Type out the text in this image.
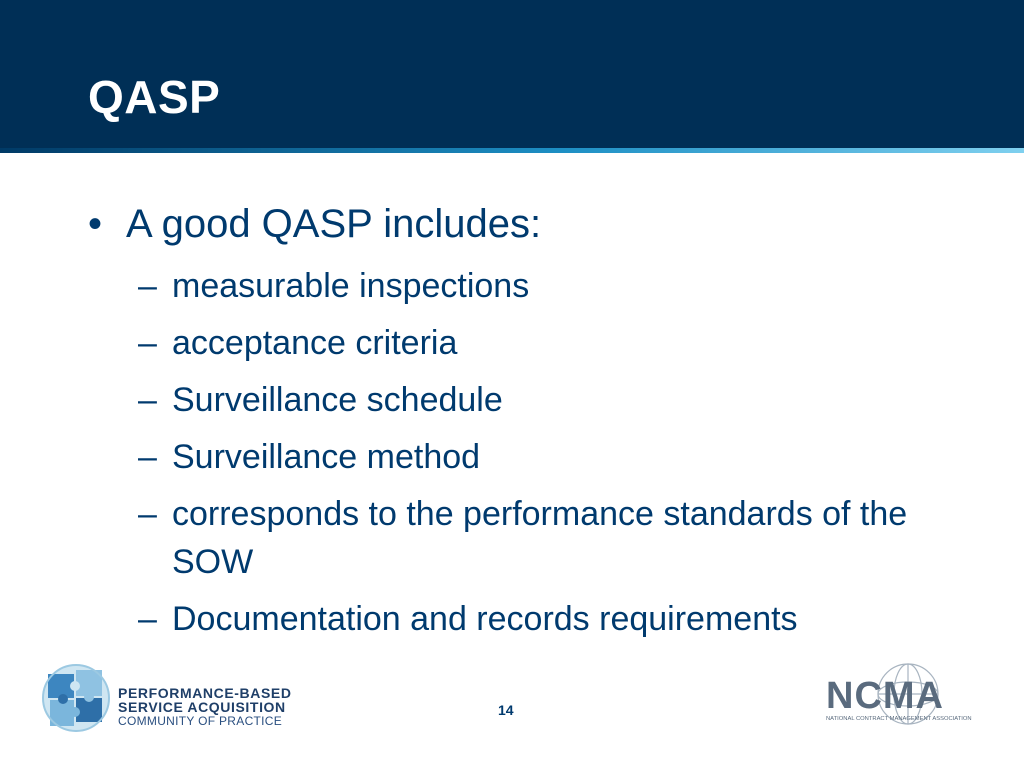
QASP
• A good QASP includes:
– measurable inspections
– acceptance criteria
– Surveillance schedule
– Surveillance method
– corresponds to the performance standards of the SOW
– Documentation and records requirements
PERFORMANCE-BASED
SERVICE ACQUISITION
COMMUNITY OF PRACTICE
14	NCMA
NATIONAL CONTRACT MANAGEMENT ASSOCIATION
